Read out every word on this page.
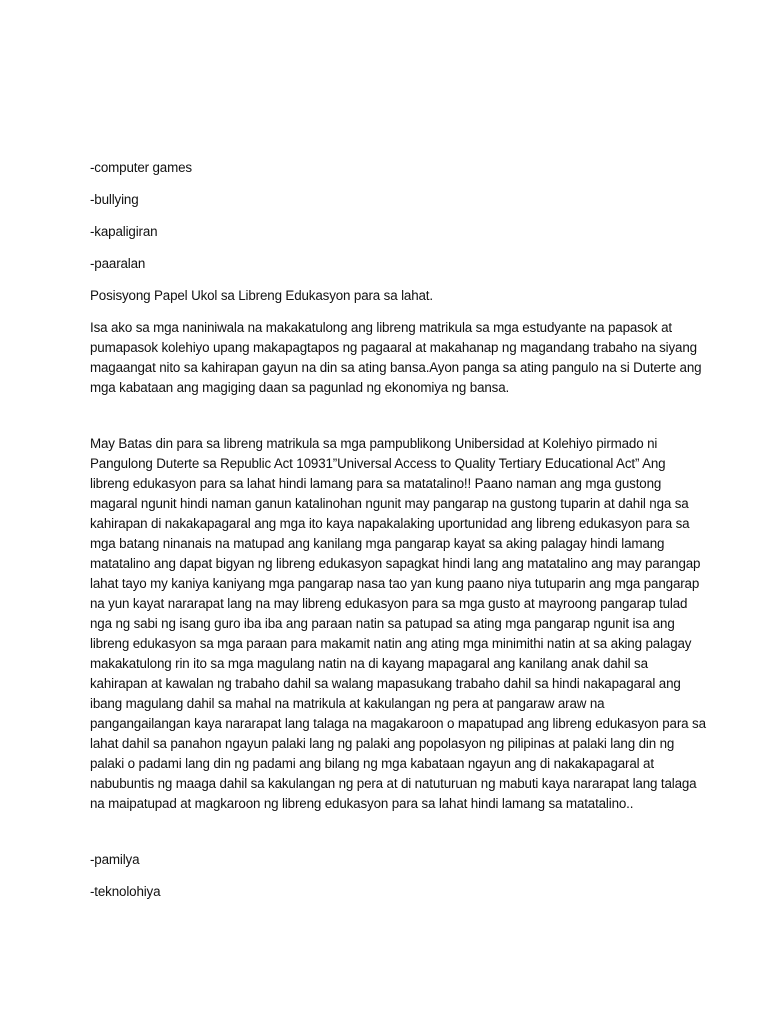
-computer games

-bullying

-kapaligiran

-paaralan

Posisyong Papel Ukol sa Libreng Edukasyon para sa lahat.

Isa ako sa mga naniniwala na makakatulong ang libreng matrikula sa mga estudyante na papasok at

pumapasok kolehiyo upang makapagtapos ng pagaaral at makahanap ng magandang trabaho na siyang

magaangat nito sa kahirapan gayun na din sa ating bansa.Ayon panga sa ating pangulo na si Duterte ang

mga kabataan ang magiging daan sa pagunlad ng ekonomiya ng bansa.

May Batas din para sa libreng matrikula sa mga pampublikong Unibersidad at Kolehiyo pirmado ni

Pangulong Duterte sa Republic Act 10931”Universal Access to Quality Tertiary Educational Act” Ang

libreng edukasyon para sa lahat hindi lamang para sa matatalino!! Paano naman ang mga gustong

magaral ngunit hindi naman ganun katalinohan ngunit may pangarap na gustong tuparin at dahil nga sa

kahirapan di nakakapagaral ang mga ito kaya napakalaking uportunidad ang libreng edukasyon para sa

mga batang ninanais na matupad ang kanilang mga pangarap kayat sa aking palagay hindi lamang

matatalino ang dapat bigyan ng libreng edukasyon sapagkat hindi lang ang matatalino ang may parangap

lahat tayo my kaniya kaniyang mga pangarap nasa tao yan kung paano niya tutuparin ang mga pangarap

na yun kayat nararapat lang na may libreng edukasyon para sa mga gusto at mayroong pangarap tulad

nga ng sabi ng isang guro iba iba ang paraan natin sa patupad sa ating mga pangarap ngunit isa ang

libreng edukasyon sa mga paraan para makamit natin ang ating mga minimithi natin at sa aking palagay

makakatulong rin ito sa mga magulang natin na di kayang mapagaral ang kanilang anak dahil sa

kahirapan at kawalan ng trabaho dahil sa walang mapasukang trabaho dahil sa hindi nakapagaral ang

ibang magulang dahil sa mahal na matrikula at kakulangan ng pera at pangaraw araw na

pangangailangan kaya nararapat lang talaga na magakaroon o mapatupad ang libreng edukasyon para sa

lahat dahil sa panahon ngayun palaki lang ng palaki ang popolasyon ng pilipinas at palaki lang din ng

palaki o padami lang din ng padami ang bilang ng mga kabataan ngayun ang di nakakapagaral at

nabubuntis ng maaga dahil sa kakulangan ng pera at di natuturuan ng mabuti kaya nararapat lang talaga

na maipatupad at magkaroon ng libreng edukasyon para sa lahat hindi lamang sa matatalino..

-pamilya

-teknolohiya
